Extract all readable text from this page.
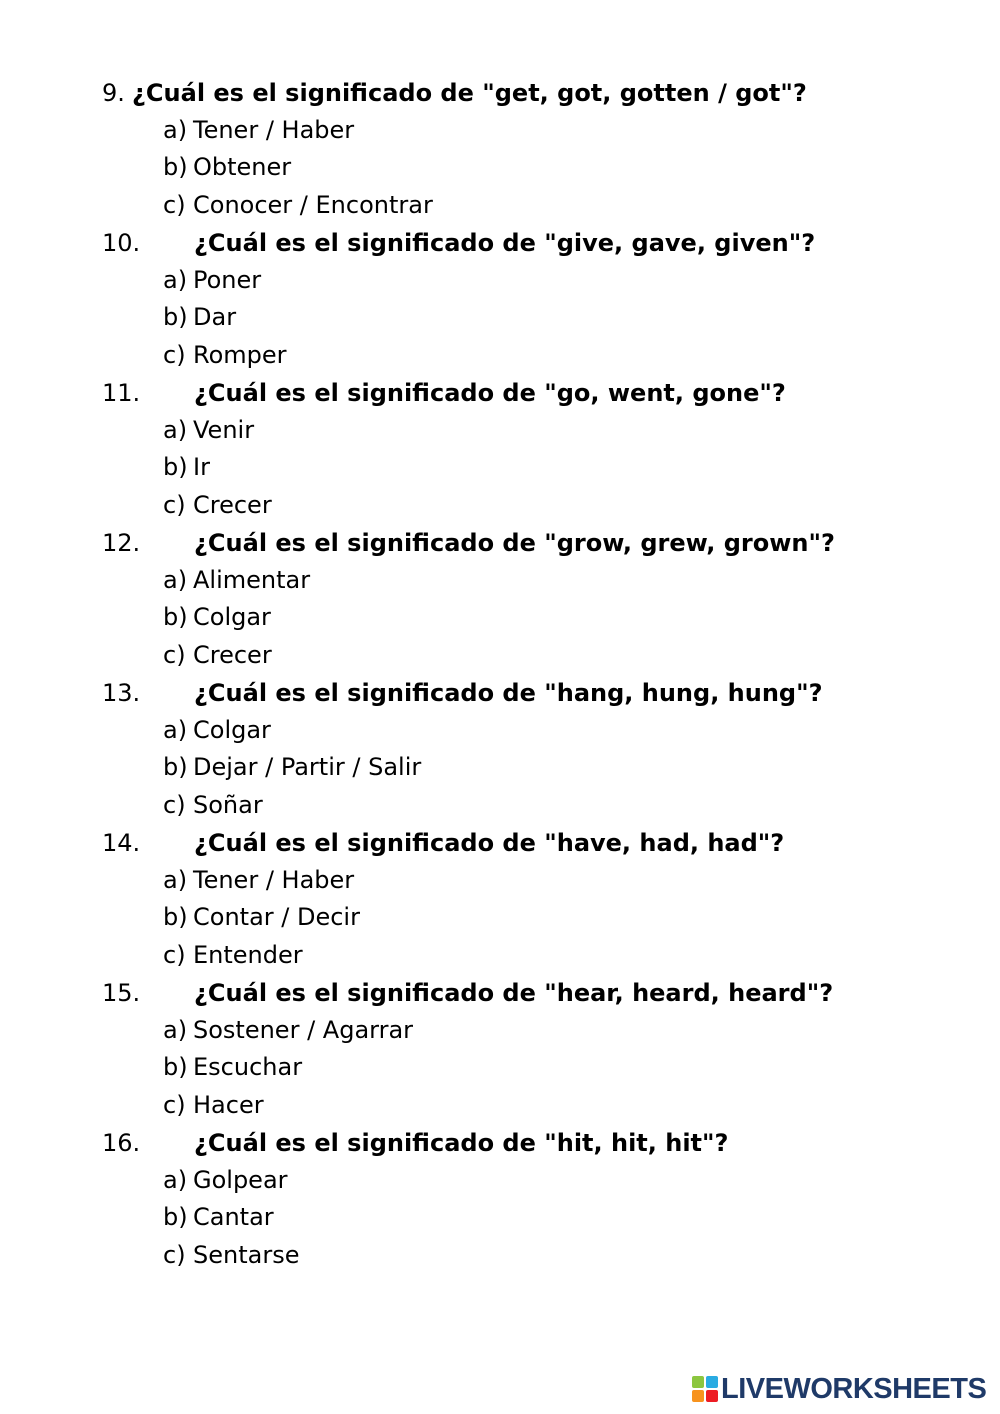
9. ¿Cuál es el significado de "get, got, gotten / got"?
a) Tener / Haber
b) Obtener
c) Conocer / Encontrar
10. ¿Cuál es el significado de "give, gave, given"?
a) Poner
b) Dar
c) Romper
11. ¿Cuál es el significado de "go, went, gone"?
a) Venir
b) Ir
c) Crecer
12. ¿Cuál es el significado de "grow, grew, grown"?
a) Alimentar
b) Colgar
c) Crecer
13. ¿Cuál es el significado de "hang, hung, hung"?
a) Colgar
b) Dejar / Partir / Salir
c) Soñar
14. ¿Cuál es el significado de "have, had, had"?
a) Tener / Haber
b) Contar / Decir
c) Entender
15. ¿Cuál es el significado de "hear, heard, heard"?
a) Sostener / Agarrar
b) Escuchar
c) Hacer
16. ¿Cuál es el significado de "hit, hit, hit"?
a) Golpear
b) Cantar
c) Sentarse
LIVEWORKSHEETS
